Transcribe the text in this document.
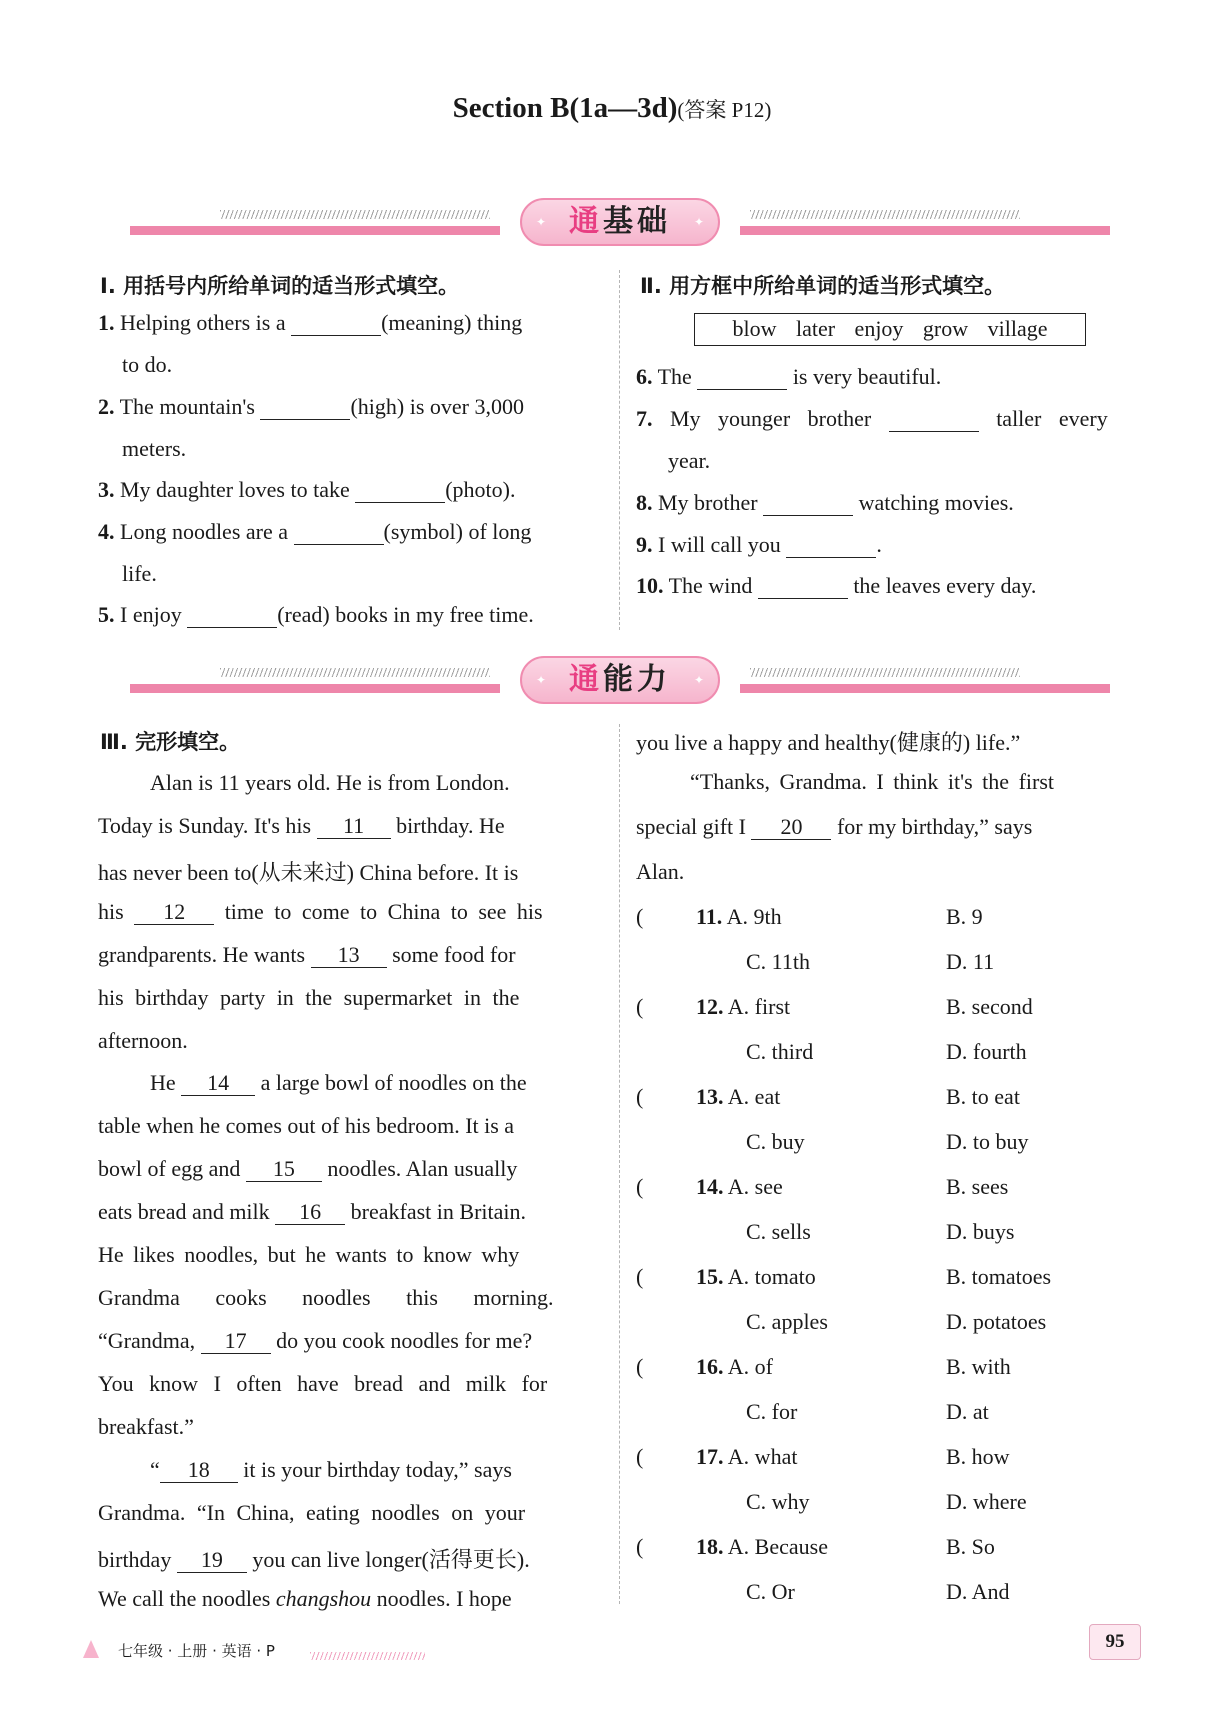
Section B(1a—3d)(答案 P12)
✦ 通基础 ✦
Ⅰ. 用括号内所给单词的适当形式填空。
1. Helping others is a	(meaning) thing
to do.
2. The mountain's	(high) is over 3,000
meters.
3. My daughter loves to take	(photo).
4. Long noodles are a	(symbol) of long
life.
5. I enjoy	(read) books in my free time.
Ⅱ. 用方框中所给单词的适当形式填空。
blow later enjoy grow village
6. The	is very beautiful.
7. My younger brother	taller every
year.
8. My brother	watching movies.
9. I will call you	.
10. The wind	the leaves every day.
✦ 通能力 ✦
Ⅲ. 完形填空。
Alan is 11 years old. He is from London.
Today is Sunday. It's his 11 birthday. He
has never been to(从未来过) China before. It is
his 12 time to come to China to see his
grandparents. He wants 13 some food for
his birthday party in the supermarket in the
afternoon.
He 14 a large bowl of noodles on the
table when he comes out of his bedroom. It is a
bowl of egg and 15 noodles. Alan usually
eats bread and milk 16 breakfast in Britain.
He likes noodles, but he wants to know why
Grandma cooks noodles this morning.
“Grandma, 17 do you cook noodles for me?
You know I often have bread and milk for
breakfast.”
“ 18 it is your birthday today,” says
Grandma. “In China, eating noodles on your
birthday 19 you can live longer(活得更长).
We call the noodles changshou noodles. I hope
you live a happy and healthy(健康的) life.”
“Thanks, Grandma. I think it's the first
special gift I 20 for my birthday,” says
Alan.
( 11. A. 9th	B. 9
C. 11th	D. 11
( 12. A. first	B. second
C. third	D. fourth
( 13. A. eat	B. to eat
C. buy	D. to buy
( 14. A. see	B. sees
C. sells	D. buys
( 15. A. tomato	B. tomatoes
C. apples	D. potatoes
( 16. A. of	B. with
C. for	D. at
( 17. A. what	B. how
C. why	D. where
( 18. A. Because	B. So
C. Or	D. And
七年级 · 上册 · 英语 · P	95
